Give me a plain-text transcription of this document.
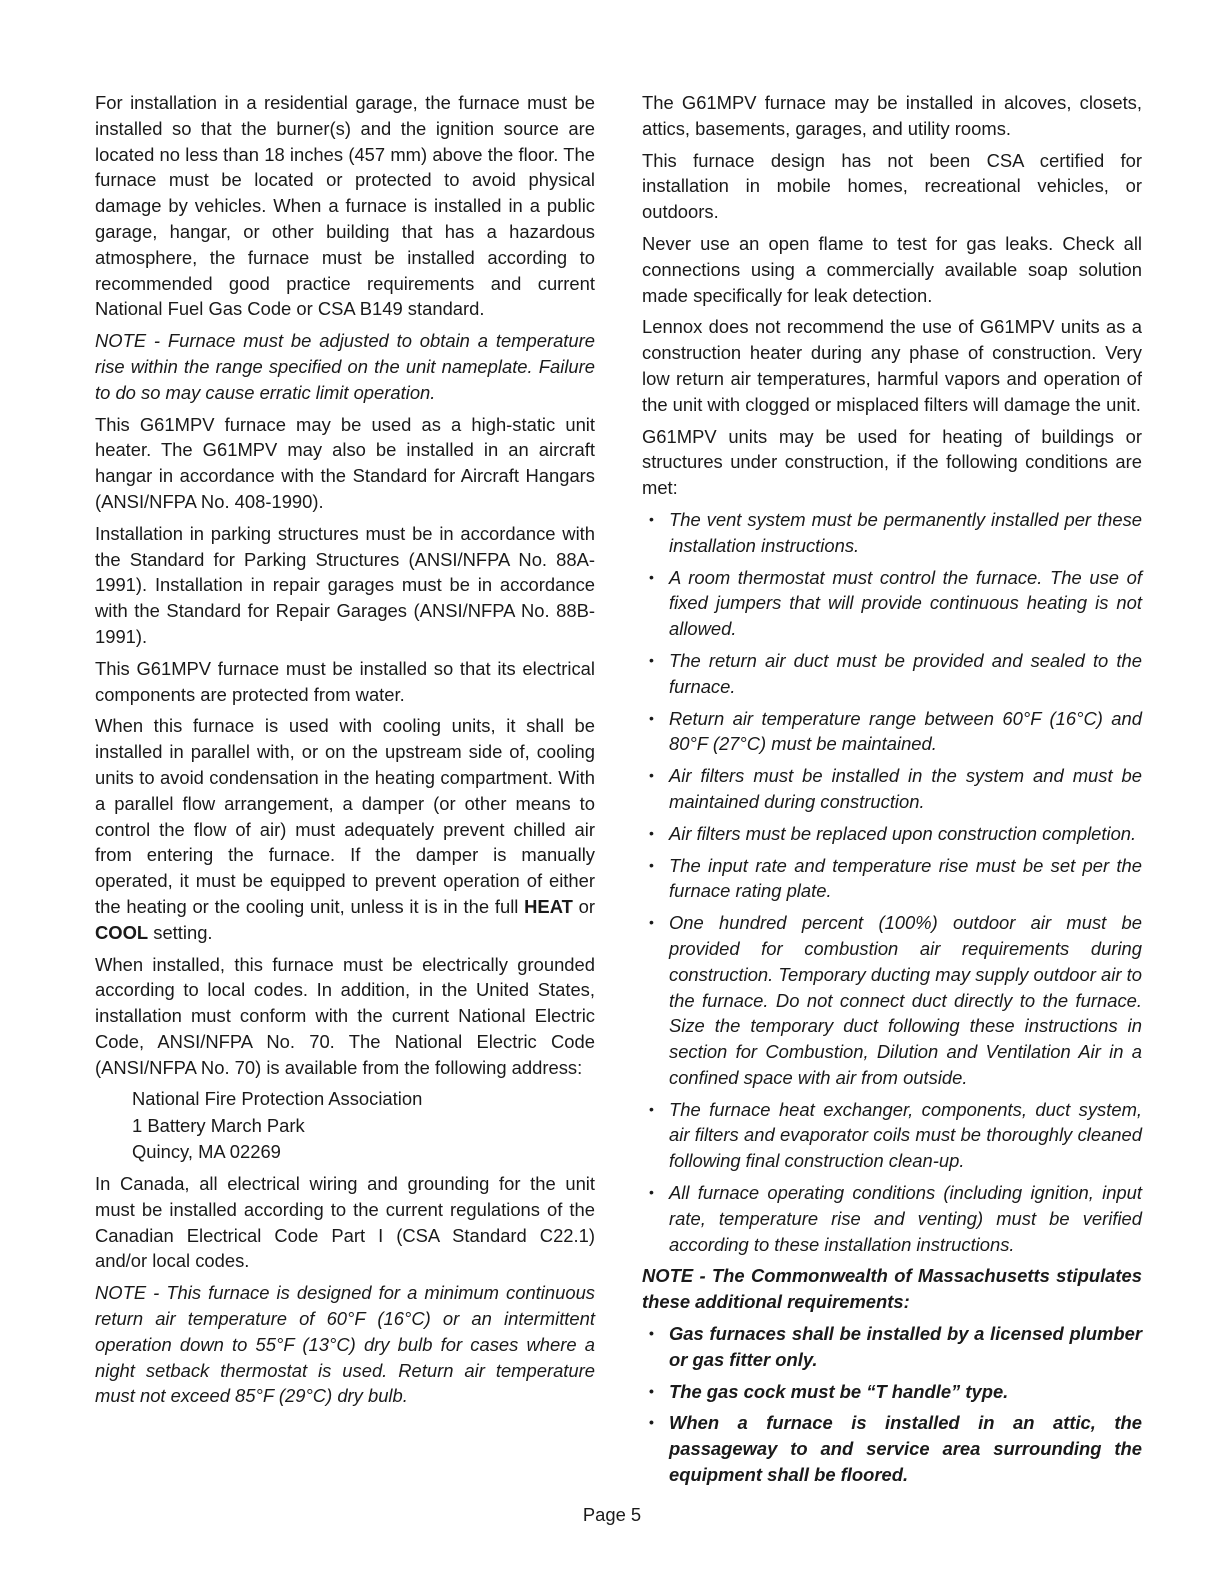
For installation in a residential garage, the furnace must be installed so that the burner(s) and the ignition source are located no less than 18 inches (457 mm) above the floor. The furnace must be located or protected to avoid physical damage by vehicles. When a furnace is installed in a public garage, hangar, or other building that has a hazardous atmosphere, the furnace must be installed according to recommended good practice requirements and current National Fuel Gas Code or CSA B149 standard.

NOTE - Furnace must be adjusted to obtain a temperature rise within the range specified on the unit nameplate. Failure to do so may cause erratic limit operation.

This G61MPV furnace may be used as a high-static unit heater. The G61MPV may also be installed in an aircraft hangar in accordance with the Standard for Aircraft Hangars (ANSI/NFPA No. 408-1990).

Installation in parking structures must be in accordance with the Standard for Parking Structures (ANSI/NFPA No. 88A-1991). Installation in repair garages must be in accordance with the Standard for Repair Garages (ANSI/NFPA No. 88B-1991).

This G61MPV furnace must be installed so that its electrical components are protected from water.

When this furnace is used with cooling units, it shall be installed in parallel with, or on the upstream side of, cooling units to avoid condensation in the heating compartment. With a parallel flow arrangement, a damper (or other means to control the flow of air) must adequately prevent chilled air from entering the furnace. If the damper is manually operated, it must be equipped to prevent operation of either the heating or the cooling unit, unless it is in the full HEAT or COOL setting.

When installed, this furnace must be electrically grounded according to local codes. In addition, in the United States, installation must conform with the current National Electric Code, ANSI/NFPA No. 70. The National Electric Code (ANSI/NFPA No. 70) is available from the following address:

National Fire Protection Association
1 Battery March Park
Quincy, MA 02269

In Canada, all electrical wiring and grounding for the unit must be installed according to the current regulations of the Canadian Electrical Code Part I (CSA Standard C22.1) and/or local codes.

NOTE - This furnace is designed for a minimum continuous return air temperature of 60°F (16°C) or an intermittent operation down to 55°F (13°C) dry bulb for cases where a night setback thermostat is used. Return air temperature must not exceed 85°F (29°C) dry bulb.

The G61MPV furnace may be installed in alcoves, closets, attics, basements, garages, and utility rooms.

This furnace design has not been CSA certified for installation in mobile homes, recreational vehicles, or outdoors.

Never use an open flame to test for gas leaks. Check all connections using a commercially available soap solution made specifically for leak detection.

Lennox does not recommend the use of G61MPV units as a construction heater during any phase of construction. Very low return air temperatures, harmful vapors and operation of the unit with clogged or misplaced filters will damage the unit.

G61MPV units may be used for heating of buildings or structures under construction, if the following conditions are met:

• The vent system must be permanently installed per these installation instructions.
• A room thermostat must control the furnace. The use of fixed jumpers that will provide continuous heating is not allowed.
• The return air duct must be provided and sealed to the furnace.
• Return air temperature range between 60°F (16°C) and 80°F (27°C) must be maintained.
• Air filters must be installed in the system and must be maintained during construction.
• Air filters must be replaced upon construction completion.
• The input rate and temperature rise must be set per the furnace rating plate.
• One hundred percent (100%) outdoor air must be provided for combustion air requirements during construction. Temporary ducting may supply outdoor air to the furnace. Do not connect duct directly to the furnace. Size the temporary duct following these instructions in section for Combustion, Dilution and Ventilation Air in a confined space with air from outside.
• The furnace heat exchanger, components, duct system, air filters and evaporator coils must be thoroughly cleaned following final construction clean-up.
• All furnace operating conditions (including ignition, input rate, temperature rise and venting) must be verified according to these installation instructions.

NOTE - The Commonwealth of Massachusetts stipulates these additional requirements:

• Gas furnaces shall be installed by a licensed plumber or gas fitter only.
• The gas cock must be “T handle” type.
• When a furnace is installed in an attic, the passageway to and service area surrounding the equipment shall be floored.
Page 5
